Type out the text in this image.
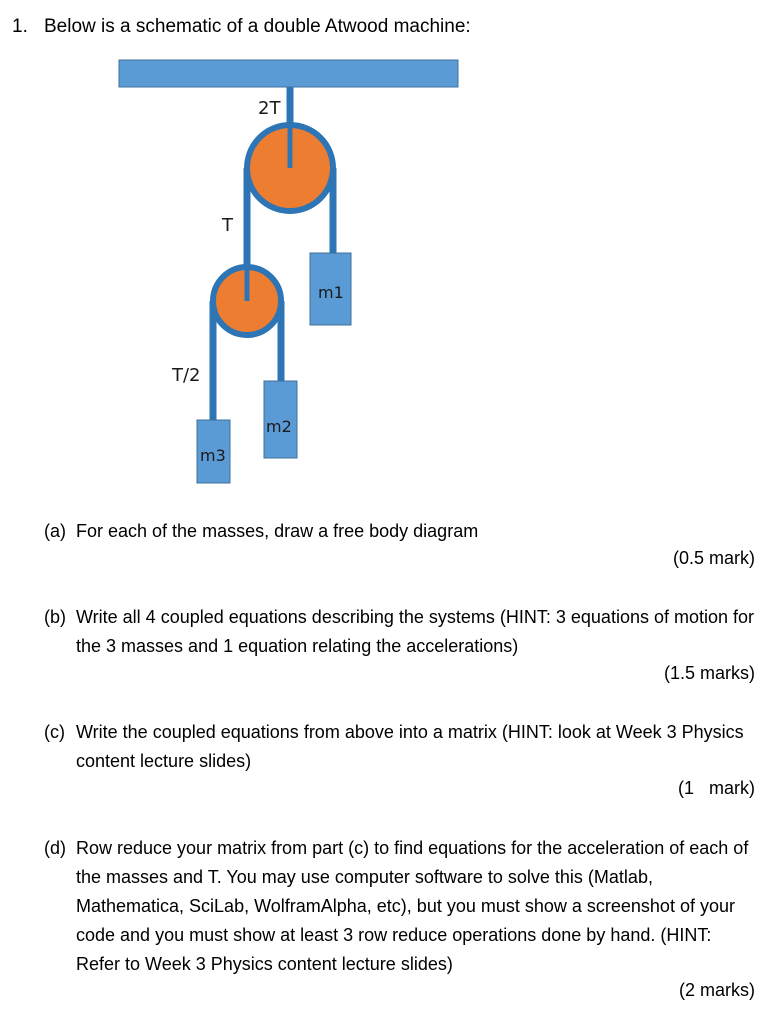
1. Below is a schematic of a double Atwood machine:
2T
T
T/2
m1
m2
m3
(a) For each of the masses, draw a free body diagram
(0.5 mark)
(b) Write all 4 coupled equations describing the systems (HINT: 3 equations of motion for the 3 masses and 1 equation relating the accelerations)
(1.5 marks)
(c) Write the coupled equations from above into a matrix (HINT: look at Week 3 Physics content lecture slides)
(1   mark)
(d) Row reduce your matrix from part (c) to find equations for the acceleration of each of the masses and T. You may use computer software to solve this (Matlab, Mathematica, SciLab, WolframAlpha, etc), but you must show a screenshot of your code and you must show at least 3 row reduce operations done by hand. (HINT: Refer to Week 3 Physics content lecture slides)
(2 marks)
